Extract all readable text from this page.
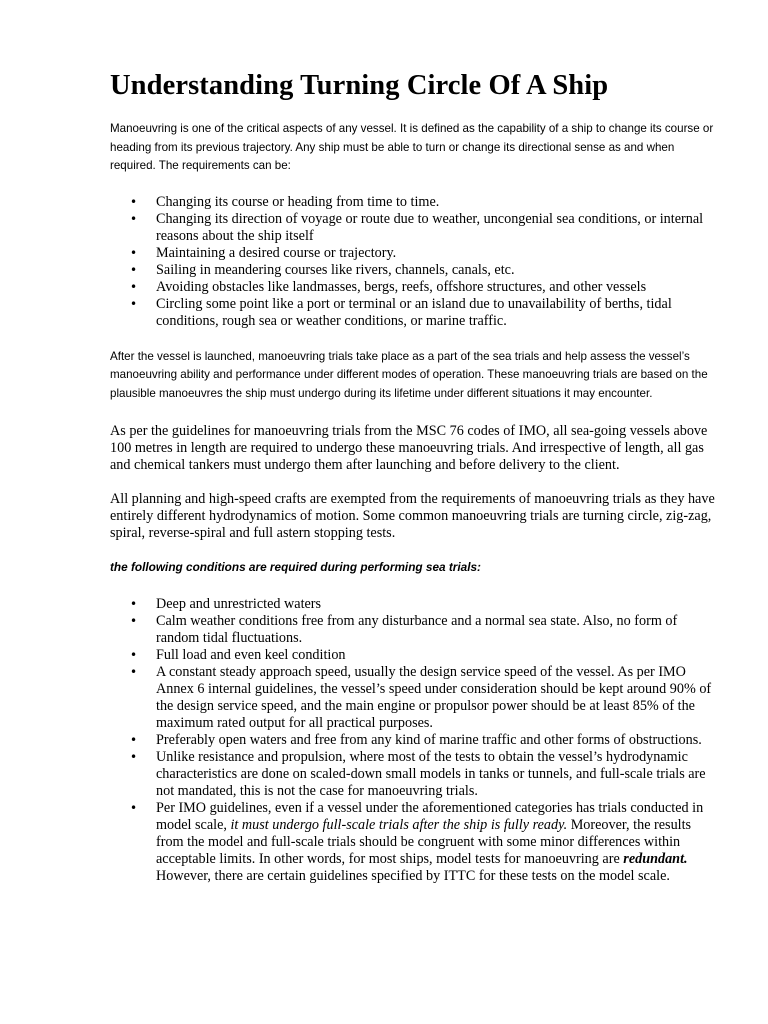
Understanding Turning Circle Of A Ship

Manoeuvring is one of the critical aspects of any vessel. It is defined as the capability of a ship to change its course or heading from its previous trajectory. Any ship must be able to turn or change its directional sense as and when required. The requirements can be:

• Changing its course or heading from time to time.
• Changing its direction of voyage or route due to weather, uncongenial sea conditions, or internal reasons about the ship itself
• Maintaining a desired course or trajectory.
• Sailing in meandering courses like rivers, channels, canals, etc.
• Avoiding obstacles like landmasses, bergs, reefs, offshore structures, and other vessels
• Circling some point like a port or terminal or an island due to unavailability of berths, tidal conditions, rough sea or weather conditions, or marine traffic.

After the vessel is launched, manoeuvring trials take place as a part of the sea trials and help assess the vessel’s manoeuvring ability and performance under different modes of operation. These manoeuvring trials are based on the plausible manoeuvres the ship must undergo during its lifetime under different situations it may encounter.

As per the guidelines for manoeuvring trials from the MSC 76 codes of IMO, all sea-going vessels above 100 metres in length are required to undergo these manoeuvring trials. And irrespective of length, all gas and chemical tankers must undergo them after launching and before delivery to the client.

All planning and high-speed crafts are exempted from the requirements of manoeuvring trials as they have entirely different hydrodynamics of motion. Some common manoeuvring trials are turning circle, zig-zag, spiral, reverse-spiral and full astern stopping tests.

the following conditions are required during performing sea trials:

• Deep and unrestricted waters
• Calm weather conditions free from any disturbance and a normal sea state. Also, no form of random tidal fluctuations.
• Full load and even keel condition
• A constant steady approach speed, usually the design service speed of the vessel. As per IMO Annex 6 internal guidelines, the vessel’s speed under consideration should be kept around 90% of the design service speed, and the main engine or propulsor power should be at least 85% of the maximum rated output for all practical purposes.
• Preferably open waters and free from any kind of marine traffic and other forms of obstructions.
• Unlike resistance and propulsion, where most of the tests to obtain the vessel’s hydrodynamic characteristics are done on scaled-down small models in tanks or tunnels, and full-scale trials are not mandated, this is not the case for manoeuvring trials.
• Per IMO guidelines, even if a vessel under the aforementioned categories has trials conducted in model scale, it must undergo full-scale trials after the ship is fully ready. Moreover, the results from the model and full-scale trials should be congruent with some minor differences within acceptable limits. In other words, for most ships, model tests for manoeuvring are redundant. However, there are certain guidelines specified by ITTC for these tests on the model scale.
